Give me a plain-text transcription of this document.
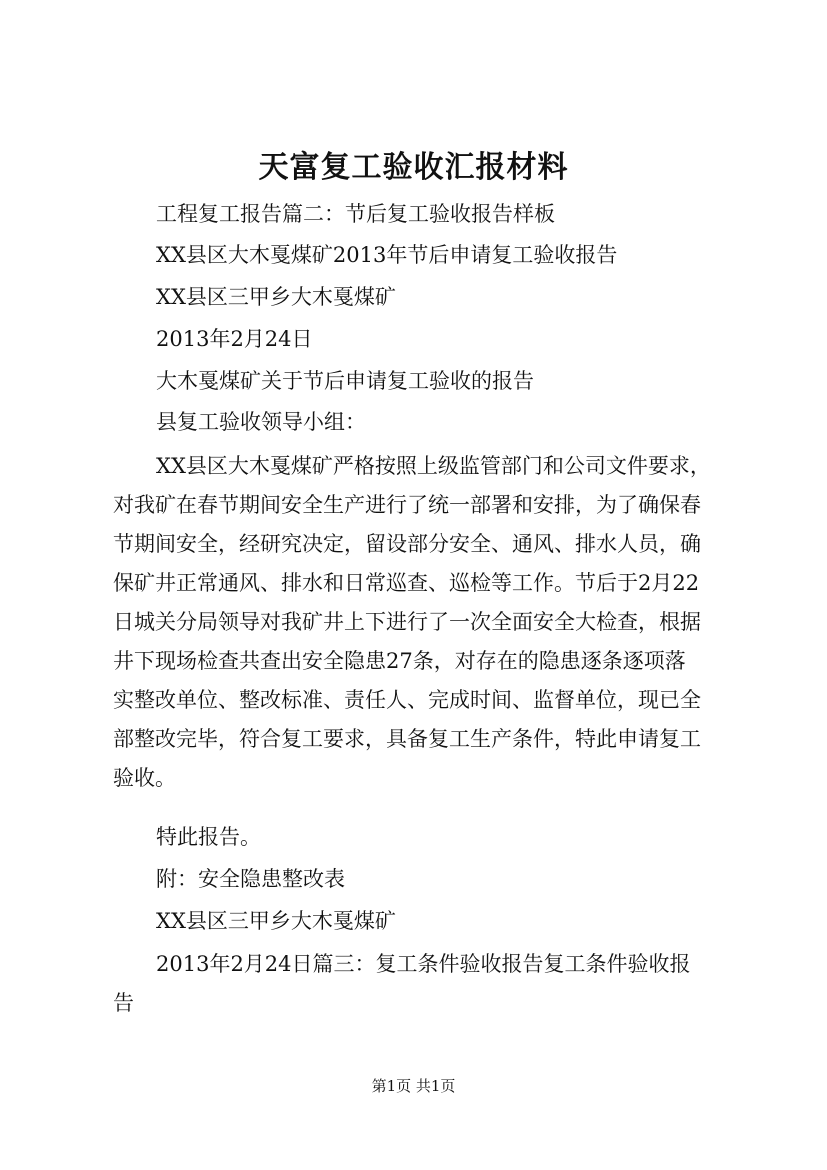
天富复工验收汇报材料
工程复工报告篇二：节后复工验收报告样板
XX县区大木戛煤矿2013年节后申请复工验收报告
XX县区三甲乡大木戛煤矿
2013年2月24日
大木戛煤矿关于节后申请复工验收的报告
县复工验收领导小组：
XX县区大木戛煤矿严格按照上级监管部门和公司文件要求，
对我矿在春节期间安全生产进行了统一部署和安排，为了确保春
节期间安全，经研究决定，留设部分安全、通风、排水人员，确
保矿井正常通风、排水和日常巡查、巡检等工作。节后于2月22
日城关分局领导对我矿井上下进行了一次全面安全大检查，根据
井下现场检查共查出安全隐患27条，对存在的隐患逐条逐项落
实整改单位、整改标准、责任人、完成时间、监督单位，现已全
部整改完毕，符合复工要求，具备复工生产条件，特此申请复工
验收。
特此报告。
附：安全隐患整改表
XX县区三甲乡大木戛煤矿
2013年2月24日篇三：复工条件验收报告复工条件验收报
告
第1页 共1页
